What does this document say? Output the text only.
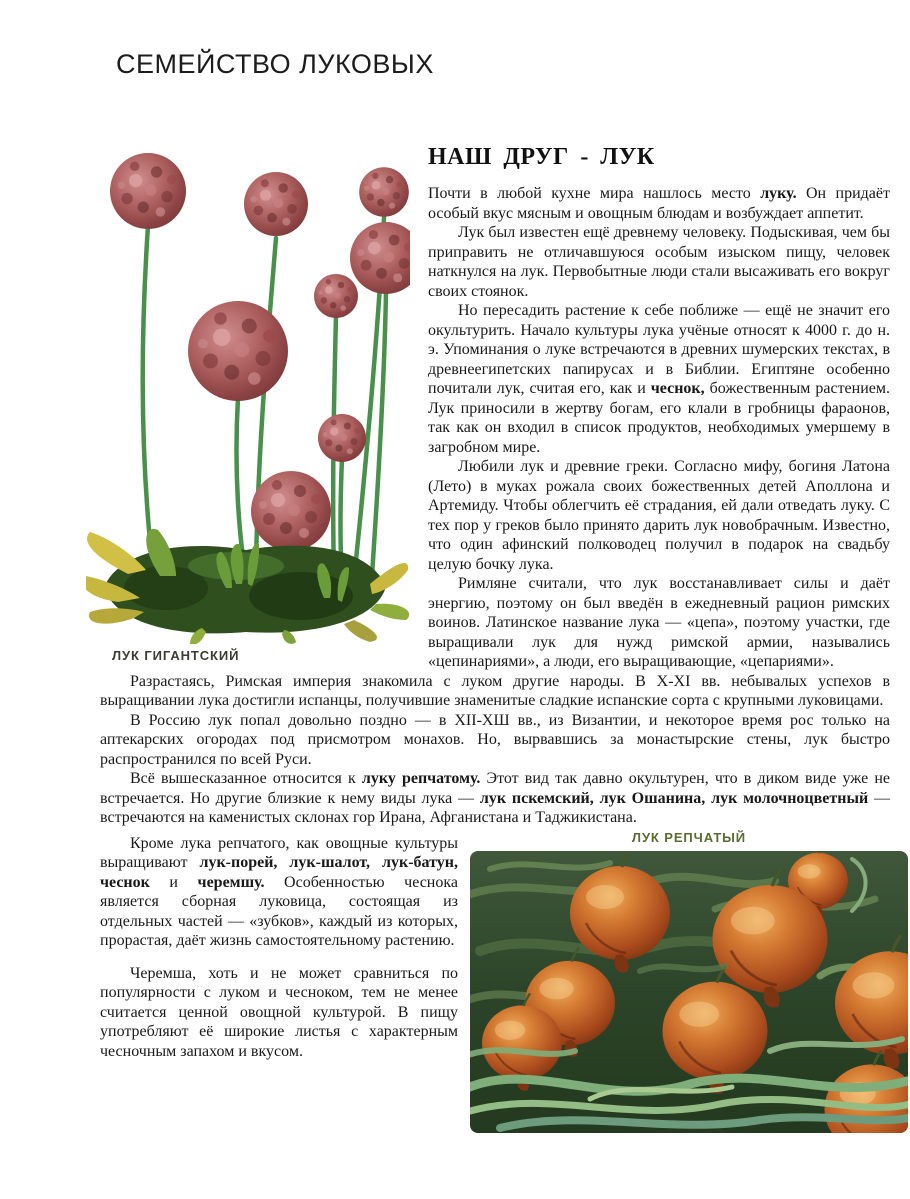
СЕМЕЙСТВО ЛУКОВЫХ
ЛУК ГИГАНТСКИЙ
НАШ ДРУГ - ЛУК

Почти в любой кухне мира нашлось место луку. Он придаёт особый вкус мясным и овощным блюдам и возбуждает аппетит.

Лук был известен ещё древнему человеку. Подыскивая, чем бы приправить не отличавшуюся особым изыском пищу, человек наткнулся на лук. Первобытные люди стали высаживать его вокруг своих стоянок.

Но пересадить растение к себе поближе — ещё не значит его окультурить. Начало культуры лука учёные относят к 4000 г. до н. э. Упоминания о луке встречаются в древних шумерских текстах, в древнеегипетских папирусах и в Библии. Египтяне особенно почитали лук, считая его, как и чеснок, божественным растением. Лук приносили в жертву богам, его клали в гробницы фараонов, так как он входил в список продуктов, необходимых умершему в загробном мире.

Любили лук и древние греки. Согласно мифу, богиня Латона (Лето) в муках рожала своих божественных детей Аполлона и Артемиду. Чтобы облегчить её страдания, ей дали отведать луку. С тех пор у греков было принято дарить лук новобрачным. Известно, что один афинский полководец получил в подарок на свадьбу целую бочку лука.

Римляне считали, что лук восстанавливает силы и даёт энергию, поэтому он был введён в ежедневный рацион римских воинов. Латинское название лука — «цепа», поэтому участки, где выращивали лук для нужд римской армии, назывались «цепинариями», а люди, его выращивающие, «цепариями».

Разрастаясь, Римская империя знакомила с луком другие народы. В X-XI вв. небывалых успехов в выращивании лука достигли испанцы, получившие знаменитые сладкие испанские сорта с крупными луковицами.

В Россию лук попал довольно поздно — в XII-ХШ вв., из Византии, и некоторое время рос только на аптекарских огородах под присмотром монахов. Но, вырвавшись за монастырские стены, лук быстро распространился по всей Руси.

Всё вышесказанное относится к луку репчатому. Этот вид так давно окультурен, что в диком виде уже не встречается. Но другие близкие к нему виды лука — лук пскемский, лук Ошанина, лук молочноцветный — встречаются на каменистых склонах гор Ирана, Афганистана и Таджикистана.

ЛУК РЕПЧАТЫЙ

Кроме лука репчатого, как овощные культуры выращивают лук-порей, лук-шалот, лук-батун, чеснок и черемшу. Особенностью чеснока является сборная луковица, состоящая из отдельных частей — «зубков», каждый из которых, прорастая, даёт жизнь самостоятельному растению.

Черемша, хоть и не может сравниться по популярности с луком и чесноком, тем не менее считается ценной овощной культурой. В пищу употребляют её широкие листья с характерным чесночным запахом и вкусом.
